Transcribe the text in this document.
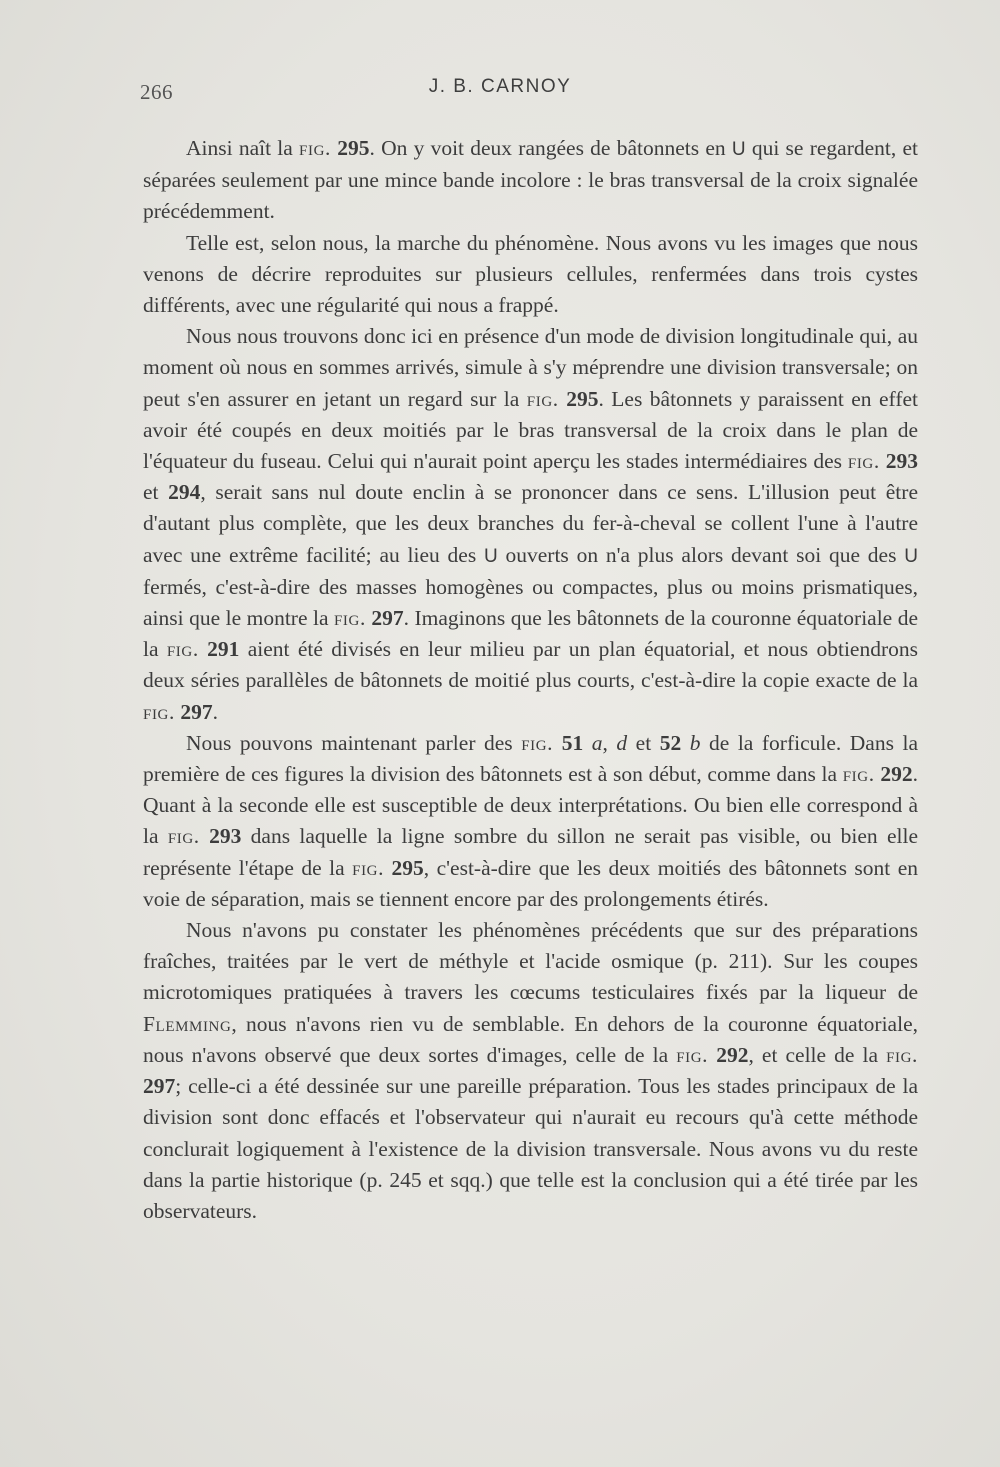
266	J. B. CARNOY

Ainsi naît la fig. 295. On y voit deux rangées de bâtonnets en U qui se regardent, et séparées seulement par une mince bande incolore : le bras transversal de la croix signalée précédemment.

Telle est, selon nous, la marche du phénomène. Nous avons vu les images que nous venons de décrire reproduites sur plusieurs cellules, renfermées dans trois cystes différents, avec une régularité qui nous a frappé.

Nous nous trouvons donc ici en présence d'un mode de division longitudinale qui, au moment où nous en sommes arrivés, simule à s'y méprendre une division transversale; on peut s'en assurer en jetant un regard sur la fig. 295. Les bâtonnets y paraissent en effet avoir été coupés en deux moitiés par le bras transversal de la croix dans le plan de l'équateur du fuseau. Celui qui n'aurait point aperçu les stades intermédiaires des fig. 293 et 294, serait sans nul doute enclin à se prononcer dans ce sens. L'illusion peut être d'autant plus complète, que les deux branches du fer-à-cheval se collent l'une à l'autre avec une extrême facilité; au lieu des U ouverts on n'a plus alors devant soi que des U fermés, c'est-à-dire des masses homogènes ou compactes, plus ou moins prismatiques, ainsi que le montre la fig. 297. Imaginons que les bâtonnets de la couronne équatoriale de la fig. 291 aient été divisés en leur milieu par un plan équatorial, et nous obtiendrons deux séries parallèles de bâtonnets de moitié plus courts, c'est-à-dire la copie exacte de la fig. 297.

Nous pouvons maintenant parler des fig. 51 a, d et 52 b de la forficule. Dans la première de ces figures la division des bâtonnets est à son début, comme dans la fig. 292. Quant à la seconde elle est susceptible de deux interprétations. Ou bien elle correspond à la fig. 293 dans laquelle la ligne sombre du sillon ne serait pas visible, ou bien elle représente l'étape de la fig. 295, c'est-à-dire que les deux moitiés des bâtonnets sont en voie de séparation, mais se tiennent encore par des prolongements étirés.

Nous n'avons pu constater les phénomènes précédents que sur des préparations fraîches, traitées par le vert de méthyle et l'acide osmique (p. 211). Sur les coupes microtomiques pratiquées à travers les cœcums testiculaires fixés par la liqueur de Flemming, nous n'avons rien vu de semblable. En dehors de la couronne équatoriale, nous n'avons observé que deux sortes d'images, celle de la fig. 292, et celle de la fig. 297; celle-ci a été dessinée sur une pareille préparation. Tous les stades principaux de la division sont donc effacés et l'observateur qui n'aurait eu recours qu'à cette méthode conclurait logiquement à l'existence de la division transversale. Nous avons vu du reste dans la partie historique (p. 245 et sqq.) que telle est la conclusion qui a été tirée par les observateurs.
